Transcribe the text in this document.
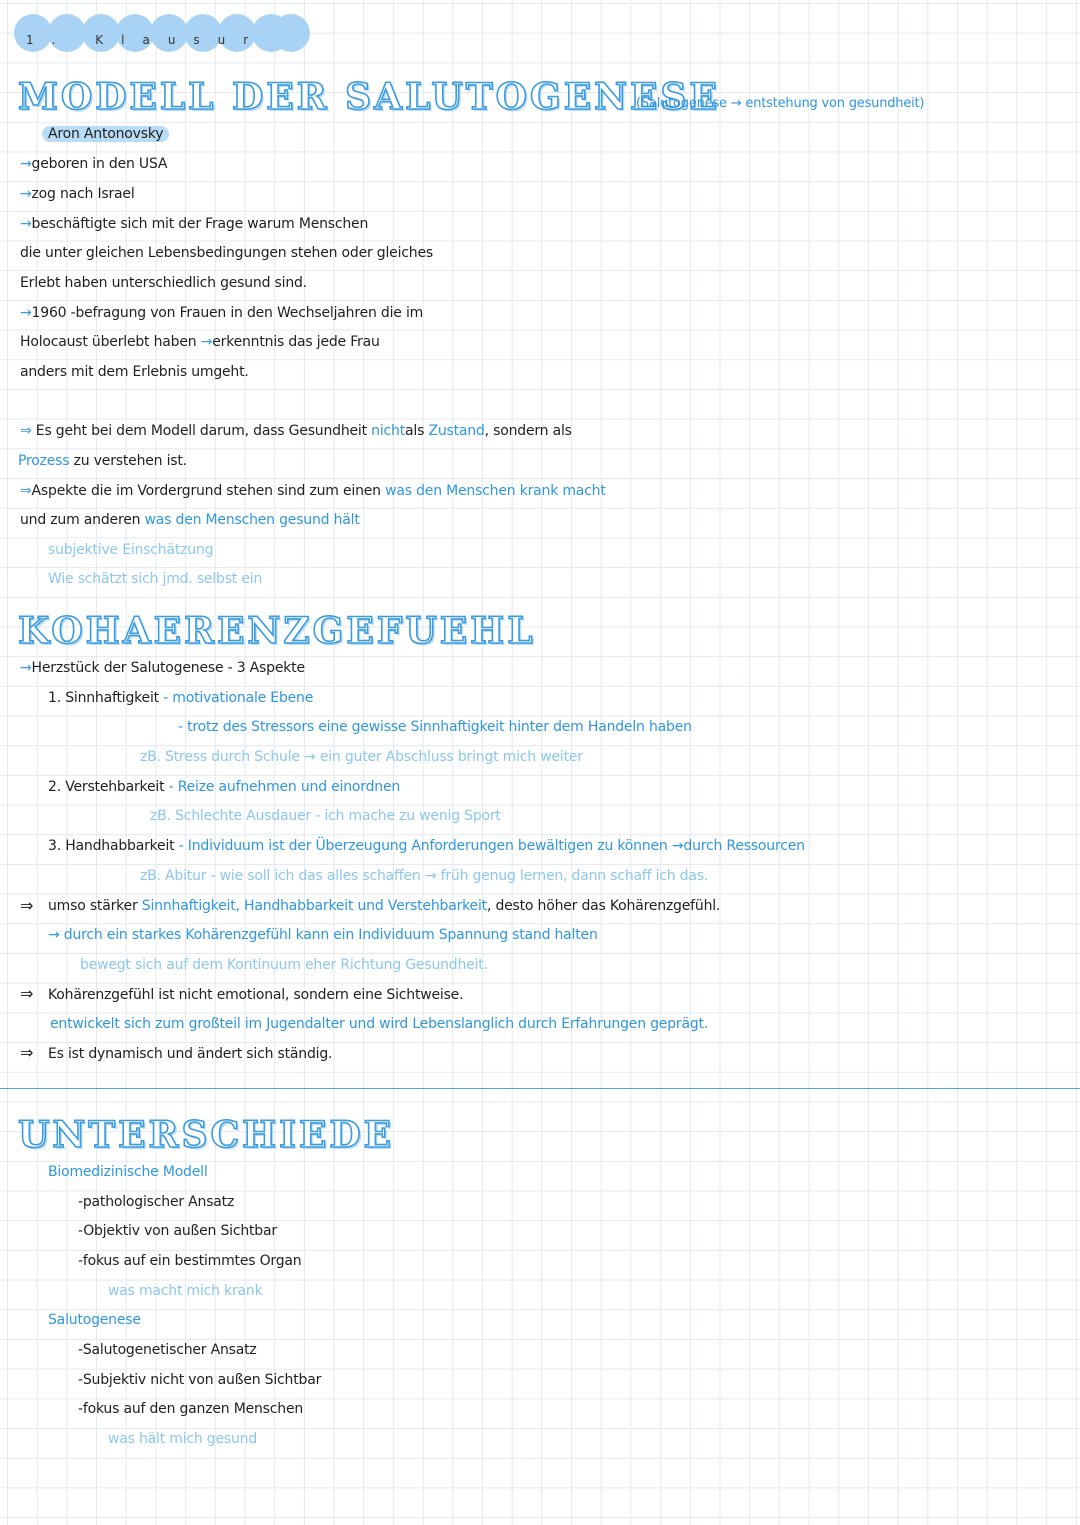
1. Klausur
MODELL DER SALUTOGENESE
(Salutogenese → entstehung von gesundheit)
Aron Antonovsky
→geboren in den USA
→zog nach Israel
→beschäftigte sich mit der Frage warum Menschen
die unter gleichen Lebensbedingungen stehen oder gleiches
Erlebt haben unterschiedlich gesund sind.
→1960 -befragung von Frauen in den Wechseljahren die im
Holocaust überlebt haben →erkenntnis das jede Frau
anders mit dem Erlebnis umgeht.
⇒ Es geht bei dem Modell darum, dass Gesundheit nichtals Zustand, sondern als
Prozess zu verstehen ist.
⇒Aspekte die im Vordergrund stehen sind zum einen was den Menschen krank macht
und zum anderen was den Menschen gesund hält
subjektive Einschätzung
Wie schätzt sich jmd. selbst ein
KOHAERENZGEFUEHL
→Herzstück der Salutogenese - 3 Aspekte
1. Sinnhaftigkeit - motivationale Ebene
- trotz des Stressors eine gewisse Sinnhaftigkeit hinter dem Handeln haben
zB. Stress durch Schule → ein guter Abschluss bringt mich weiter
2. Verstehbarkeit - Reize aufnehmen und einordnen
zB. Schlechte Ausdauer - ich mache zu wenig Sport
3. Handhabbarkeit - Individuum ist der Überzeugung Anforderungen bewältigen zu können →durch Ressourcen
zB. Abitur - wie soll ich das alles schaffen → früh genug lernen, dann schaff ich das.
⇒ umso stärker Sinnhaftigkeit, Handhabbarkeit und Verstehbarkeit, desto höher das Kohärenzgefühl.
→ durch ein starkes Kohärenzgefühl kann ein Individuum Spannung stand halten
bewegt sich auf dem Kontinuum eher Richtung Gesundheit.
⇒ Kohärenzgefühl ist nicht emotional, sondern eine Sichtweise.
entwickelt sich zum großteil im Jugendalter und wird Lebenslanglich durch Erfahrungen geprägt.
⇒ Es ist dynamisch und ändert sich ständig.
UNTERSCHIEDE
Biomedizinische Modell
-pathologischer Ansatz
-Objektiv von außen Sichtbar
-fokus auf ein bestimmtes Organ
was macht mich krank
Salutogenese
-Salutogenetischer Ansatz
-Subjektiv nicht von außen Sichtbar
-fokus auf den ganzen Menschen
was hält mich gesund
